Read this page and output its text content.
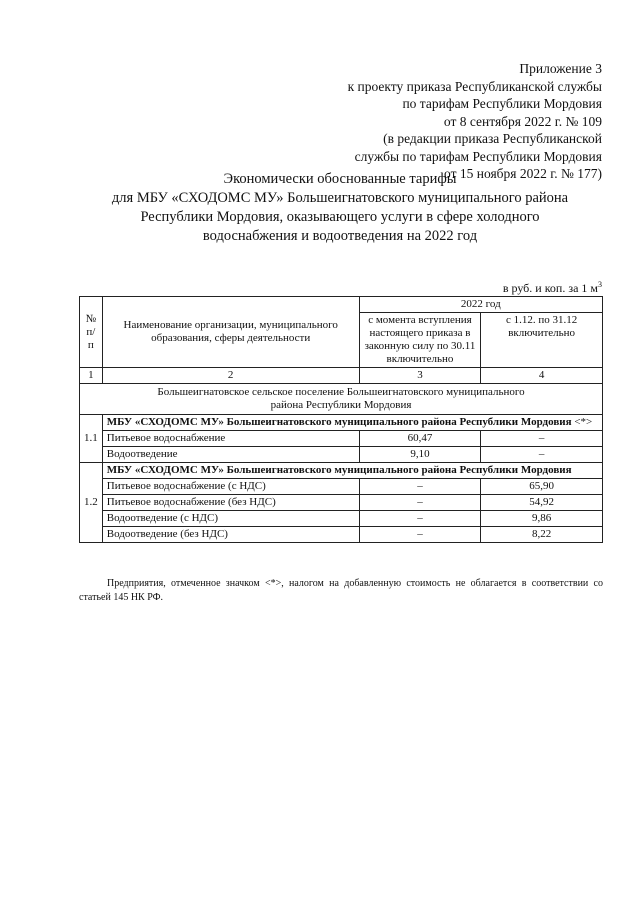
Приложение 3
к проекту приказа Республиканской службы
по тарифам Республики Мордовия
от 8 сентября 2022 г. № 109
(в редакции приказа Республиканской
службы по тарифам Республики Мордовия
от 15 ноября 2022 г. № 177)
Экономически обоснованные тарифы
для МБУ «СХОДОМС МУ» Большеигнатовского муниципального района
Республики Мордовия, оказывающего услуги в сфере холодного
водоснабжения и водоотведения на 2022 год
в руб. и коп. за 1 $м^3$
№ п/п	Наименование организации, муниципального образования, сферы деятельности	2022 год	
		с момента вступления настоящего приказа в законную силу по 30.11 включительно	с 1.12. по 31.12 включительно
1	2	3	4
Большеигнатовское сельское поселение Большеигнатовского муниципального района Республики Мордовия			
1.1	МБУ «СХОДОМС МУ» Большеигнатовского муниципального района Республики Мордовия <*>		
	Питьевое водоснабжение	60,47	–
	Водоотведение	9,10	–
1.2	МБУ «СХОДОМС МУ» Большеигнатовского муниципального района Республики Мордовия		
	Питьевое водоснабжение (с НДС)	–	65,90
	Питьевое водоснабжение (без НДС)	–	54,92
	Водоотведение (с НДС)	–	9,86
	Водоотведение (без НДС)	–	8,22
Предприятия, отмеченное значком <*>, налогом на добавленную стоимость не облагается в соответствии со статьей 145 НК РФ.
